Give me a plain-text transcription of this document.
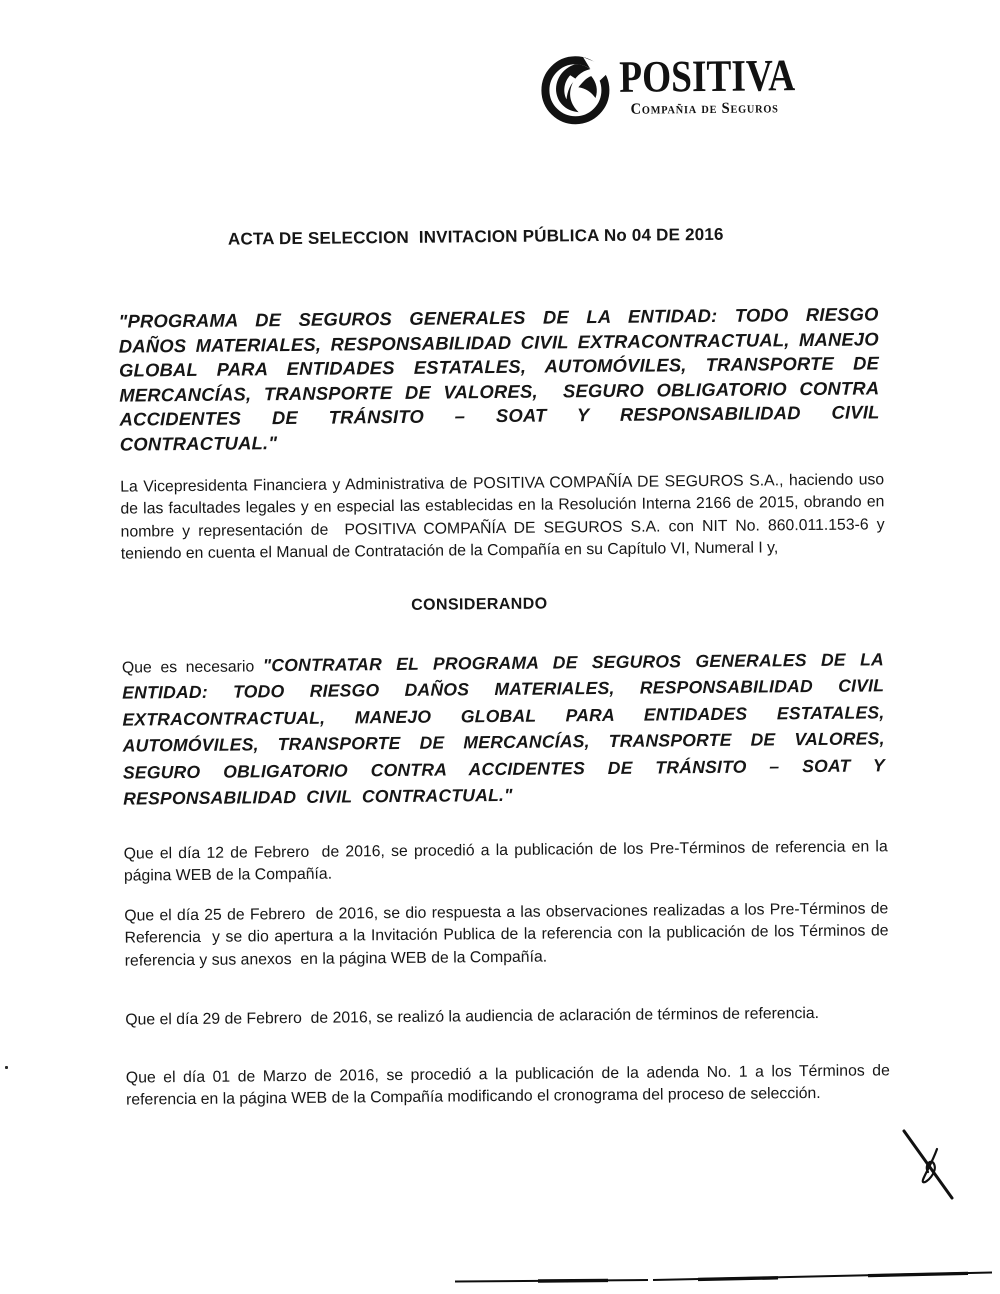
POSITIVA
Compañia de Seguros
ACTA DE SELECCION  INVITACION PÚBLICA No 04 DE 2016
"PROGRAMA DE SEGUROS GENERALES DE LA ENTIDAD: TODO RIESGO DAÑOS MATERIALES, RESPONSABILIDAD CIVIL EXTRACONTRACTUAL, MANEJO GLOBAL PARA ENTIDADES ESTATALES, AUTOMÓVILES, TRANSPORTE DE MERCANCÍAS, TRANSPORTE DE VALORES,  SEGURO OBLIGATORIO CONTRA ACCIDENTES DE TRÁNSITO – SOAT Y RESPONSABILIDAD CIVIL CONTRACTUAL."
La Vicepresidenta Financiera y Administrativa de POSITIVA COMPAÑÍA DE SEGUROS S.A., haciendo uso de las facultades legales y en especial las establecidas en la Resolución Interna 2166 de 2015, obrando en nombre y representación de  POSITIVA COMPAÑÍA DE SEGUROS S.A. con NIT No. 860.011.153-6 y teniendo en cuenta el Manual de Contratación de la Compañía en su Capítulo VI, Numeral I y,
CONSIDERANDO
Que es necesario "CONTRATAR EL PROGRAMA DE SEGUROS GENERALES DE LA ENTIDAD: TODO RIESGO DAÑOS MATERIALES, RESPONSABILIDAD CIVIL EXTRACONTRACTUAL, MANEJO GLOBAL PARA ENTIDADES ESTATALES, AUTOMÓVILES, TRANSPORTE DE MERCANCÍAS, TRANSPORTE DE VALORES,  SEGURO OBLIGATORIO CONTRA ACCIDENTES DE TRÁNSITO – SOAT Y RESPONSABILIDAD CIVIL CONTRACTUAL."
Que el día 12 de Febrero  de 2016, se procedió a la publicación de los Pre-Términos de referencia en la página WEB de la Compañía.
Que el día 25 de Febrero  de 2016, se dio respuesta a las observaciones realizadas a los Pre-Términos de Referencia  y se dio apertura a la Invitación Publica de la referencia con la publicación de los Términos de referencia y sus anexos  en la página WEB de la Compañía.
Que el día 29 de Febrero  de 2016, se realizó la audiencia de aclaración de términos de referencia.
Que el día 01 de Marzo de 2016, se procedió a la publicación de la adenda No. 1 a los Términos de referencia en la página WEB de la Compañía modificando el cronograma del proceso de selección.
